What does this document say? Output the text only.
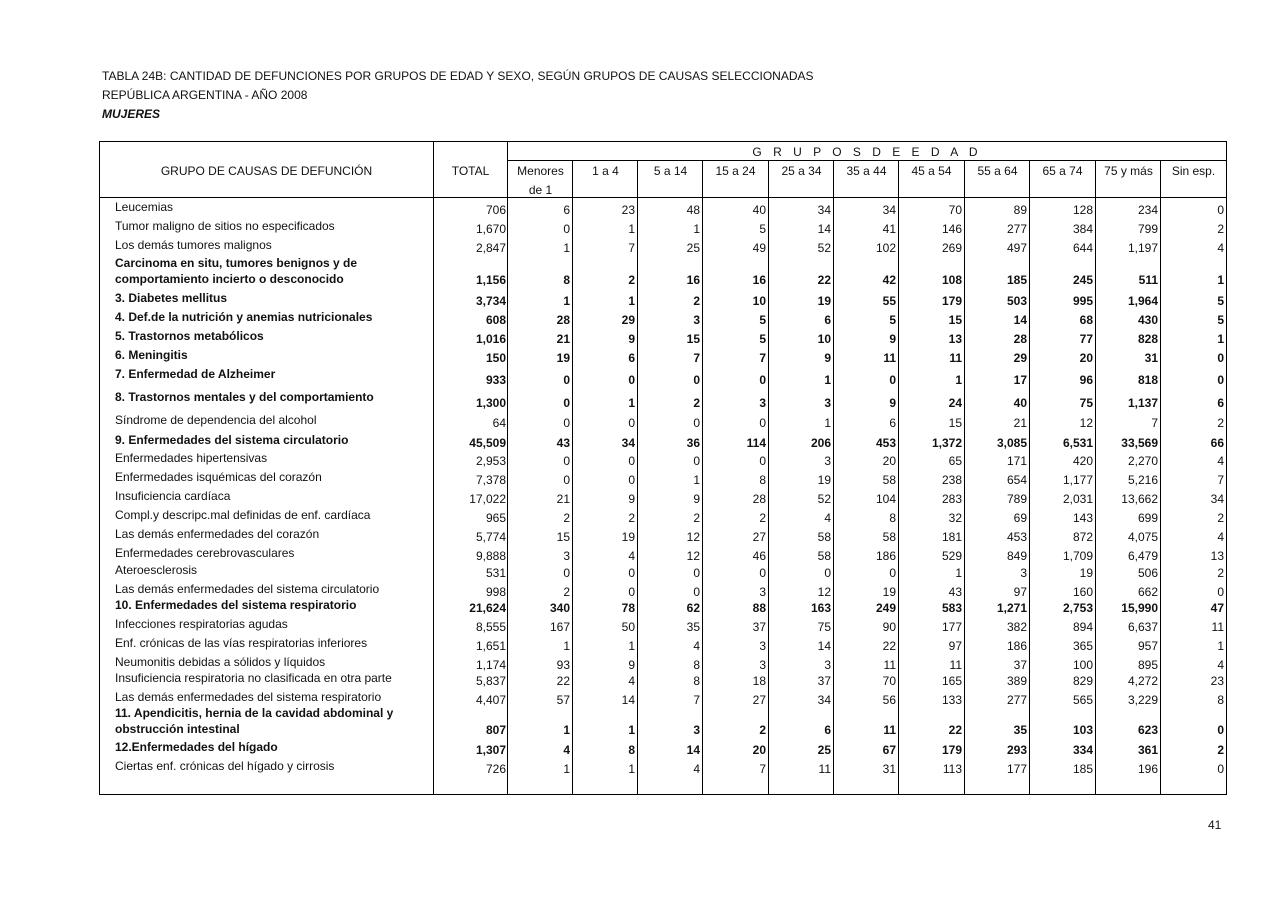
TABLA 24B: CANTIDAD DE DEFUNCIONES POR GRUPOS DE EDAD Y SEXO, SEGÚN GRUPOS DE CAUSAS SELECCIONADAS
REPÚBLICA ARGENTINA - AÑO 2008
MUJERES
GRUPO DE CAUSAS DE DEFUNCIÓN	TOTAL
G R U P O S D E E D A D
Menores	1 a 4	5 a 14	15 a 24	25 a 34	35 a 44	45 a 54	55 a 64	65 a 74	75 y más	Sin esp.
de 1
Leucemias	706	6	23	48	40	34	34	70	89	128	234	0
Tumor maligno de sitios no especificados	1,670	0	1	1	5	14	41	146	277	384	799	2
Los demás tumores malignos	2,847	1	7	25	49	52	102	269	497	644	1,197	4
Carcinoma en situ, tumores benignos y de
comportamiento incierto o desconocido	1,156	8	2	16	16	22	42	108	185	245	511	1
3. Diabetes mellitus	3,734	1	1	2	10	19	55	179	503	995	1,964	5
4. Def.de la nutrición y anemias nutricionales	608	28	29	3	5	6	5	15	14	68	430	5
5. Trastornos metabólicos	1,016	21	9	15	5	10	9	13	28	77	828	1
6. Meningitis	150	19	6	7	7	9	11	11	29	20	31	0
7. Enfermedad de Alzheimer	933	0	0	0	0	1	0	1	17	96	818	0
8. Trastornos mentales y del comportamiento	1,300	0	1	2	3	3	9	24	40	75	1,137	6
Síndrome de dependencia del alcohol	64	0	0	0	0	1	6	15	21	12	7	2
9. Enfermedades del sistema circulatorio	45,509	43	34	36	114	206	453	1,372	3,085	6,531	33,569	66
Enfermedades hipertensivas	2,953	0	0	0	0	3	20	65	171	420	2,270	4
Enfermedades isquémicas del corazón	7,378	0	0	1	8	19	58	238	654	1,177	5,216	7
Insuficiencia cardíaca	17,022	21	9	9	28	52	104	283	789	2,031	13,662	34
Compl.y descripc.mal definidas de enf. cardíaca	965	2	2	2	2	4	8	32	69	143	699	2
Las demás enfermedades del corazón	5,774	15	19	12	27	58	58	181	453	872	4,075	4
Enfermedades cerebrovasculares	9,888	3	4	12	46	58	186	529	849	1,709	6,479	13
Ateroesclerosis	531	0	0	0	0	0	0	1	3	19	506	2
Las demás enfermedades del sistema circulatorio	998	2	0	0	3	12	19	43	97	160	662	0
10. Enfermedades del sistema respiratorio	21,624	340	78	62	88	163	249	583	1,271	2,753	15,990	47
Infecciones respiratorias agudas	8,555	167	50	35	37	75	90	177	382	894	6,637	11
Enf. crónicas de las vías respiratorias inferiores	1,651	1	1	4	3	14	22	97	186	365	957	1
Neumonitis debidas a sólidos y líquidos	1,174	93	9	8	3	3	11	11	37	100	895	4
Insuficiencia respiratoria no clasificada en otra parte	5,837	22	4	8	18	37	70	165	389	829	4,272	23
Las demás enfermedades del sistema respiratorio	4,407	57	14	7	27	34	56	133	277	565	3,229	8
11. Apendicitis, hernia de la cavidad abdominal y
obstrucción intestinal	807	1	1	3	2	6	11	22	35	103	623	0
12.Enfermedades del hígado	1,307	4	8	14	20	25	67	179	293	334	361	2
Ciertas enf. crónicas del hígado y cirrosis	726	1	1	4	7	11	31	113	177	185	196	0
41
